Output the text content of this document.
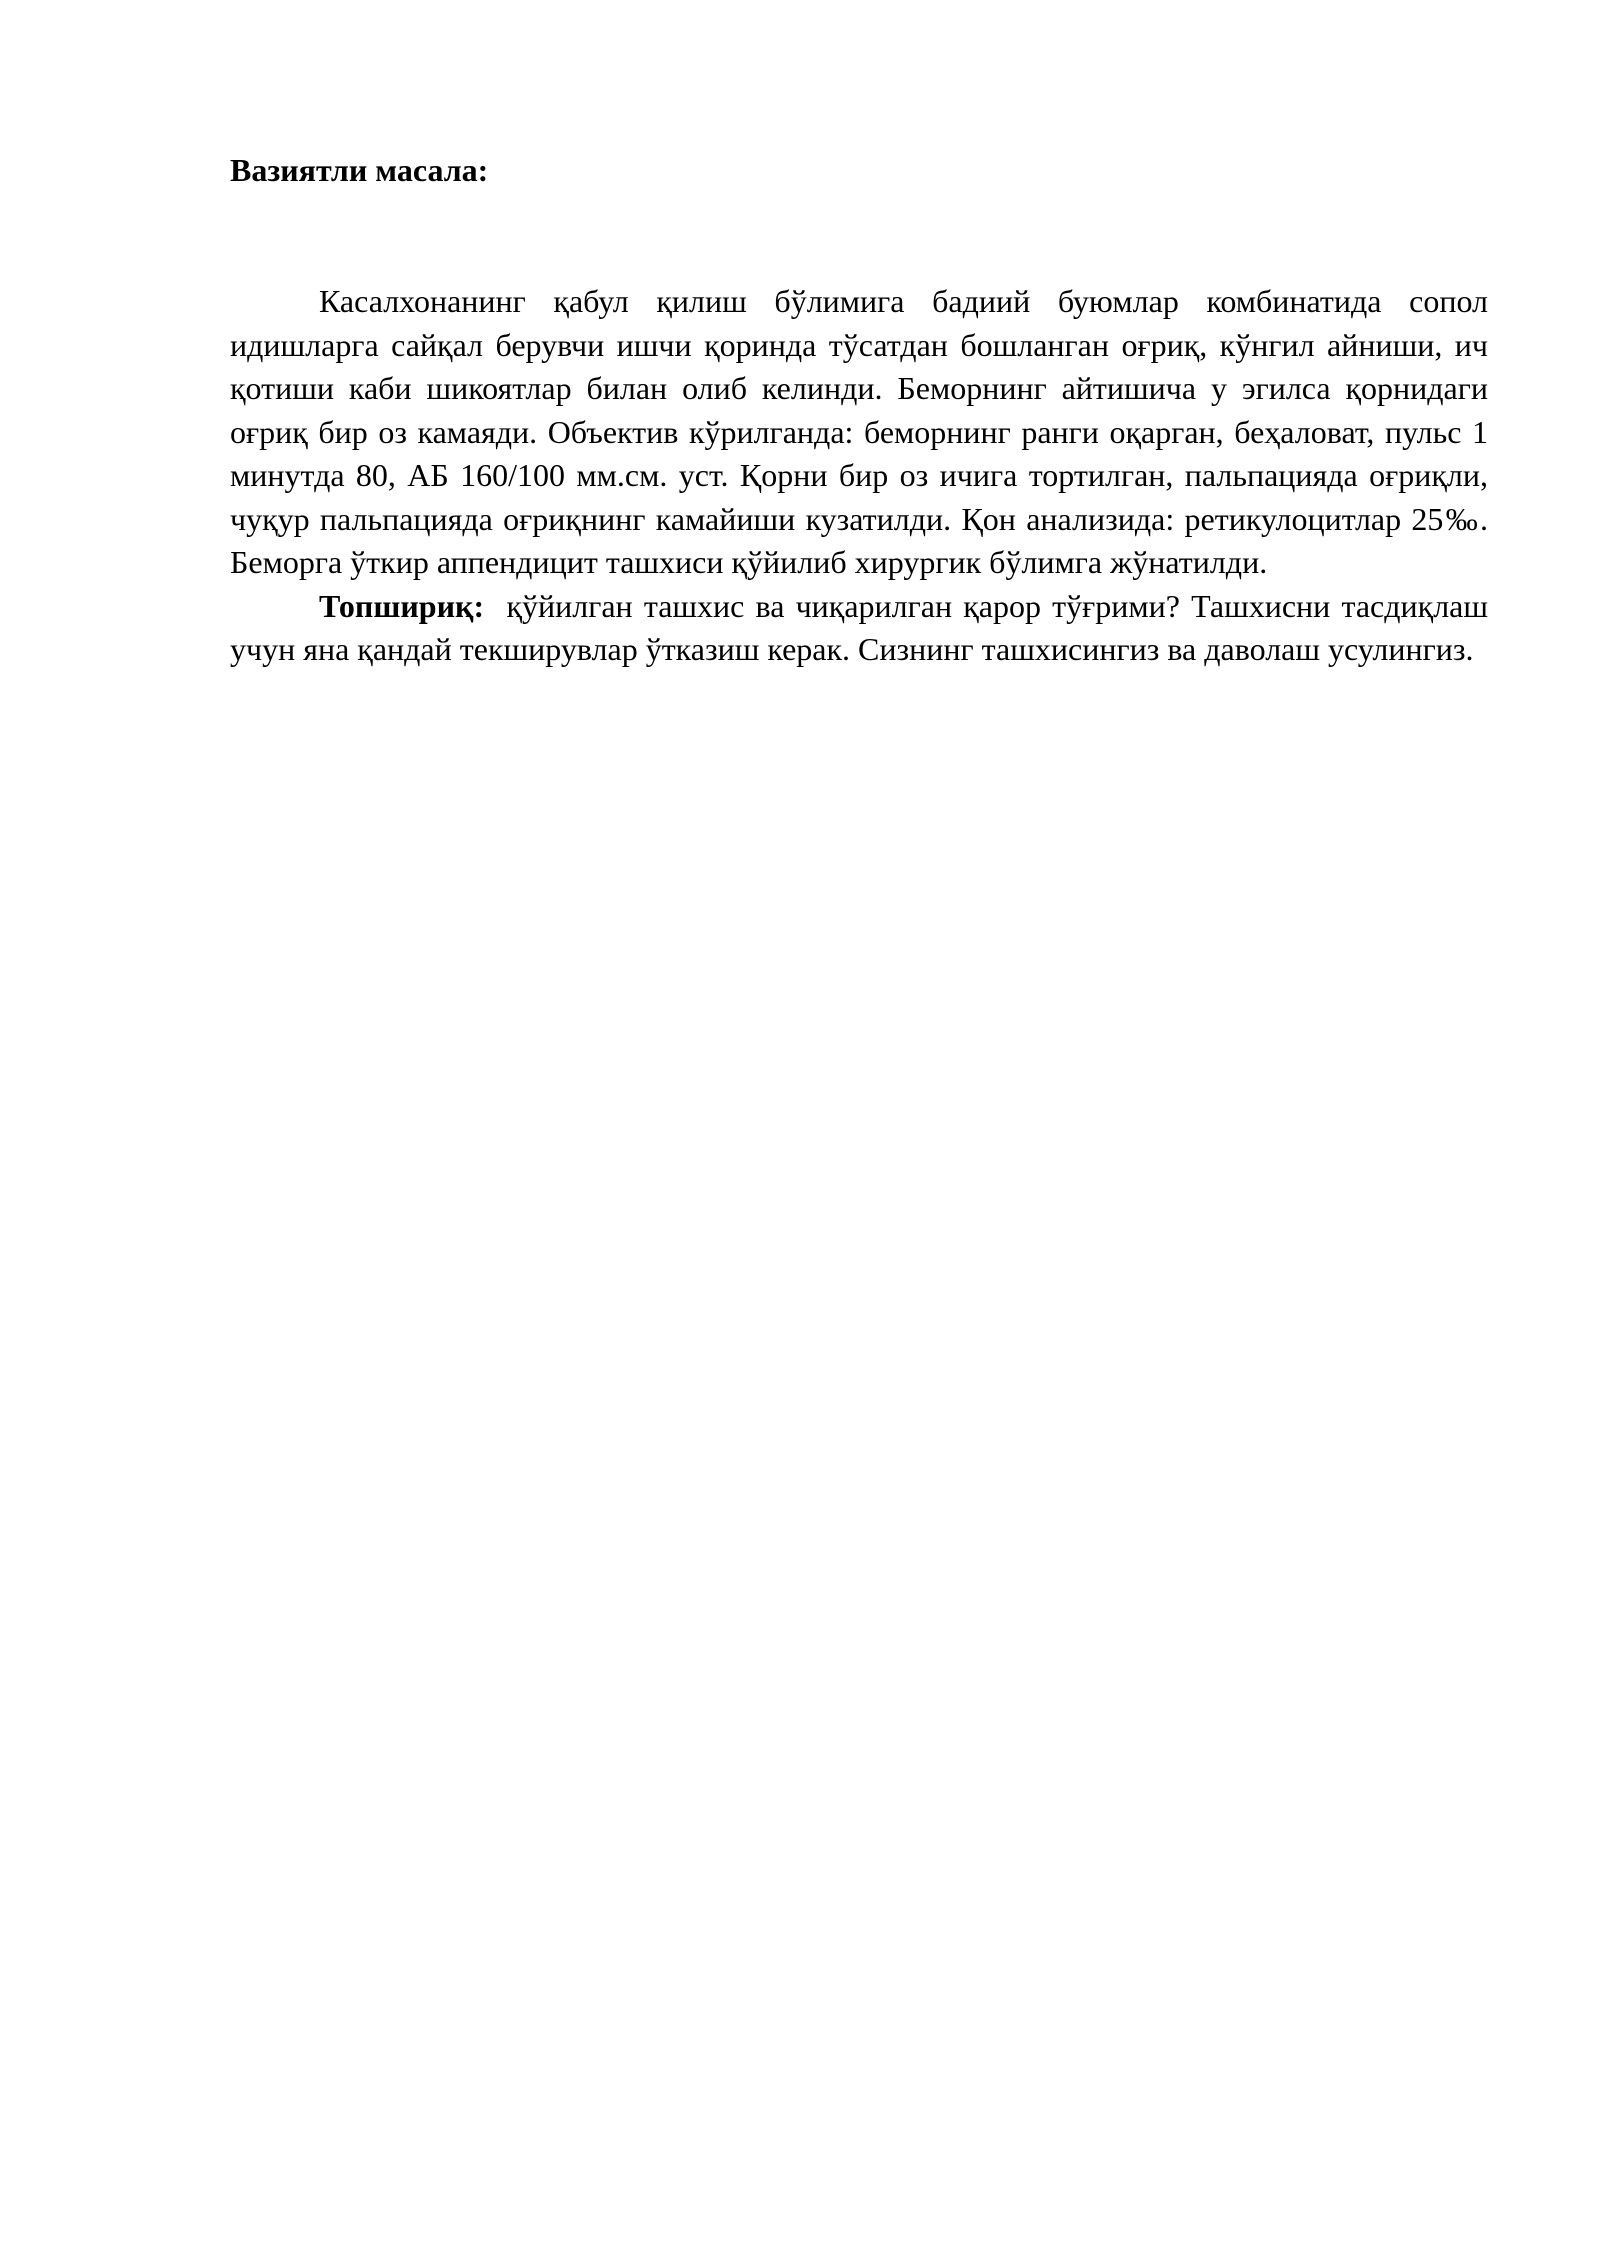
Вазиятли масала:

Касалхонанинг қабул қилиш бўлимига бадиий буюмлар комбинатида сопол идишларга сайқал берувчи ишчи қоринда тўсатдан бошланган оғриқ, кўнгил айниши, ич қотиши каби шикоятлар билан олиб келинди. Беморнинг айтишича у эгилса қорнидаги оғриқ бир оз камаяди. Объектив кўрилганда: беморнинг ранги оқарган, беҳаловат, пульс 1 минутда 80, АБ 160/100 мм.см. уст. Қорни бир оз ичига тортилган, пальпацияда оғриқли, чуқур пальпацияда оғриқнинг камайиши кузатилди. Қон анализида: ретикулоцитлар 25‰. Беморга ўткир аппендицит ташхиси қўйилиб хирургик бўлимга жўнатилди.

Топшириқ: қўйилган ташхис ва чиқарилган қарор тўғрими? Ташхисни тасдиқлаш учун яна қандай текширувлар ўтказиш керак. Сизнинг ташхисингиз ва даволаш усулингиз.
